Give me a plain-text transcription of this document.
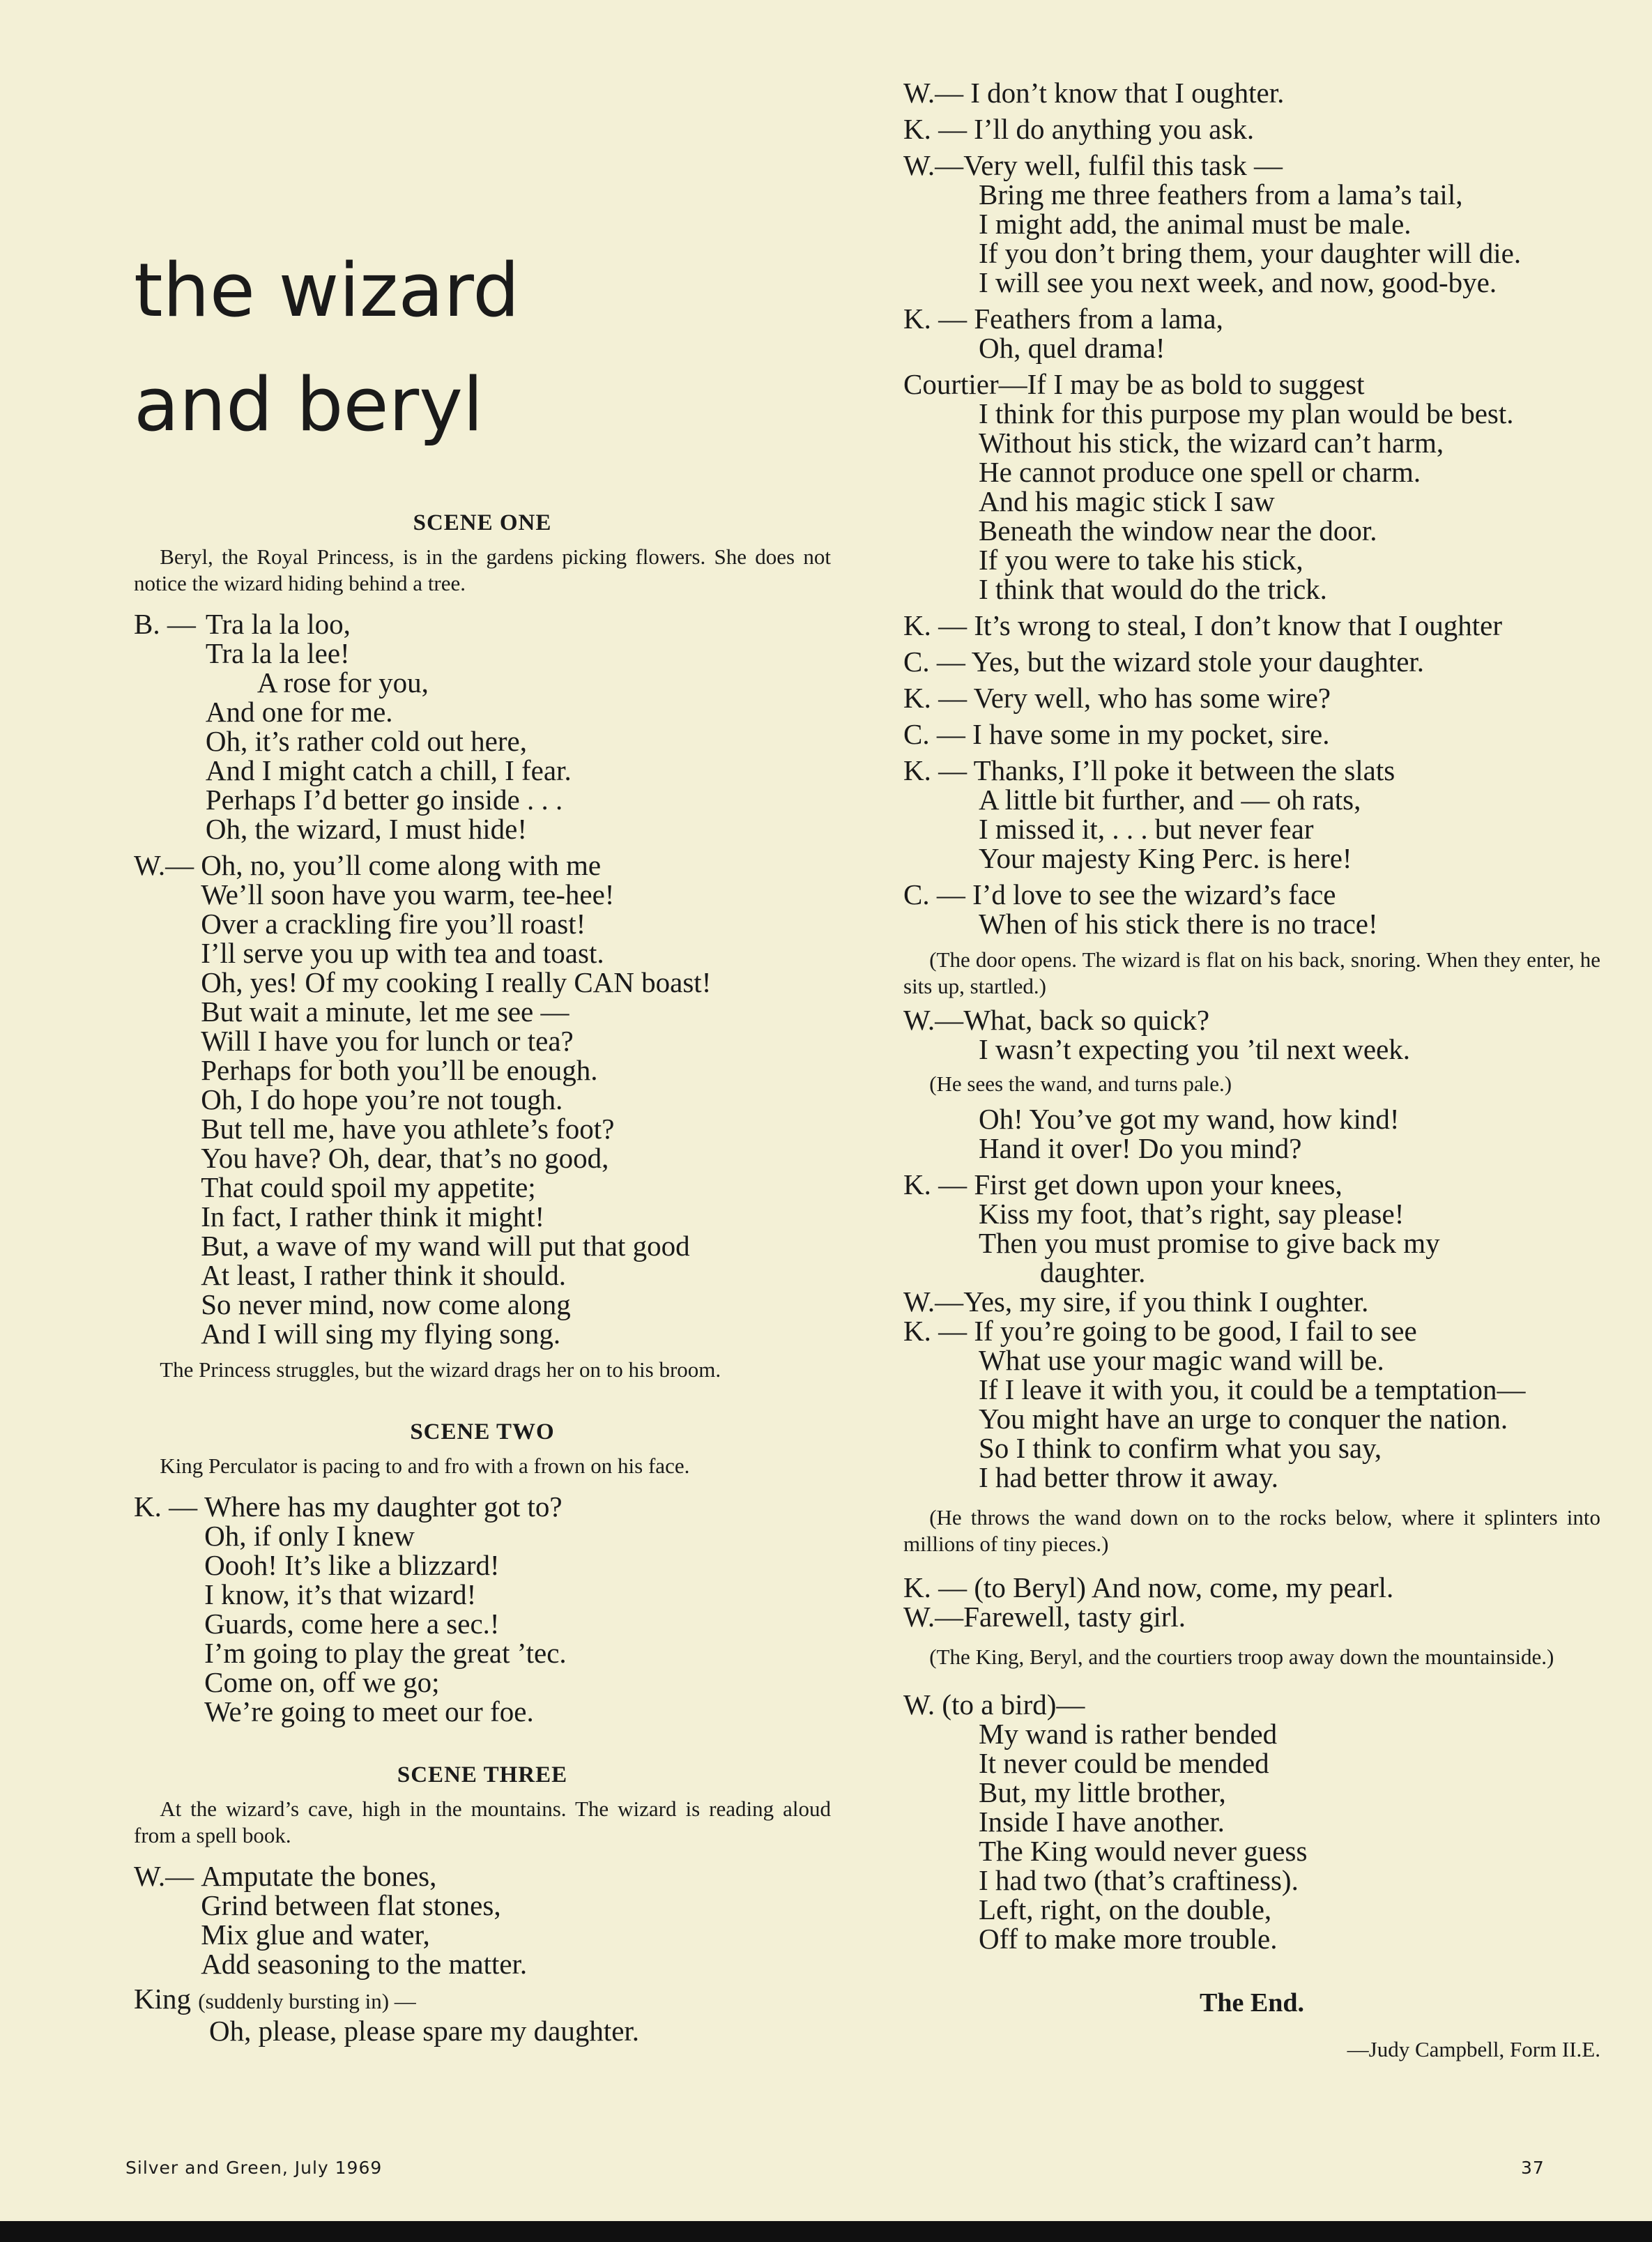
the wizard
and beryl

SCENE ONE

Beryl, the Royal Princess, is in the gardens picking flowers. She does not notice the wizard hiding behind a tree.

B. — Tra la la loo,
Tra la la lee!
A rose for you,
And one for me.
Oh, it’s rather cold out here,
And I might catch a chill, I fear.
Perhaps I’d better go inside . . .
Oh, the wizard, I must hide!
W.— Oh, no, you’ll come along with me
We’ll soon have you warm, tee-hee!
Over a crackling fire you’ll roast!
I’ll serve you up with tea and toast.
Oh, yes! Of my cooking I really CAN boast!
But wait a minute, let me see —
Will I have you for lunch or tea?
Perhaps for both you’ll be enough.
Oh, I do hope you’re not tough.
But tell me, have you athlete’s foot?
You have? Oh, dear, that’s no good,
That could spoil my appetite;
In fact, I rather think it might!
But, a wave of my wand will put that good
At least, I rather think it should.
So never mind, now come along
And I will sing my flying song.

The Princess struggles, but the wizard drags her on to his broom.

SCENE TWO

King Perculator is pacing to and fro with a frown on his face.

K. — Where has my daughter got to?
Oh, if only I knew
Oooh! It’s like a blizzard!
I know, it’s that wizard!
Guards, come here a sec.!
I’m going to play the great ’tec.
Come on, off we go;
We’re going to meet our foe.

SCENE THREE

At the wizard’s cave, high in the mountains. The wizard is reading aloud from a spell book.

W.— Amputate the bones,
Grind between flat stones,
Mix glue and water,
Add seasoning to the matter.
King (suddenly bursting in) —
Oh, please, please spare my daughter.
W.— I don’t know that I oughter.
K. — I’ll do anything you ask.
W.—Very well, fulfil this task —
Bring me three feathers from a lama’s tail,
I might add, the animal must be male.
If you don’t bring them, your daughter will die.
I will see you next week, and now, good-bye.
K. — Feathers from a lama,
Oh, quel drama!
Courtier—If I may be as bold to suggest
I think for this purpose my plan would be best.
Without his stick, the wizard can’t harm,
He cannot produce one spell or charm.
And his magic stick I saw
Beneath the window near the door.
If you were to take his stick,
I think that would do the trick.
K. — It’s wrong to steal, I don’t know that I oughter
C. — Yes, but the wizard stole your daughter.
K. — Very well, who has some wire?
C. — I have some in my pocket, sire.
K. — Thanks, I’ll poke it between the slats
A little bit further, and — oh rats,
I missed it, . . . but never fear
Your majesty King Perc. is here!
C. — I’d love to see the wizard’s face
When of his stick there is no trace!

(The door opens. The wizard is flat on his back, snoring. When they enter, he sits up, startled.)

W.—What, back so quick?
I wasn’t expecting you ’til next week.

(He sees the wand, and turns pale.)

Oh! You’ve got my wand, how kind!
Hand it over! Do you mind?
K. — First get down upon your knees,
Kiss my foot, that’s right, say please!
Then you must promise to give back my
daughter.
W.—Yes, my sire, if you think I oughter.
K. — If you’re going to be good, I fail to see
What use your magic wand will be.
If I leave it with you, it could be a temptation—
You might have an urge to conquer the nation.
So I think to confirm what you say,
I had better throw it away.

(He throws the wand down on to the rocks below, where it splinters into millions of tiny pieces.)

K. — (to Beryl) And now, come, my pearl.
W.—Farewell, tasty girl.

(The King, Beryl, and the courtiers troop away down the mountainside.)

W. (to a bird)—
My wand is rather bended
It never could be mended
But, my little brother,
Inside I have another.
The King would never guess
I had two (that’s craftiness).
Left, right, on the double,
Off to make more trouble.

The End.

—Judy Campbell, Form II.E.

Silver and Green, July 1969	37
